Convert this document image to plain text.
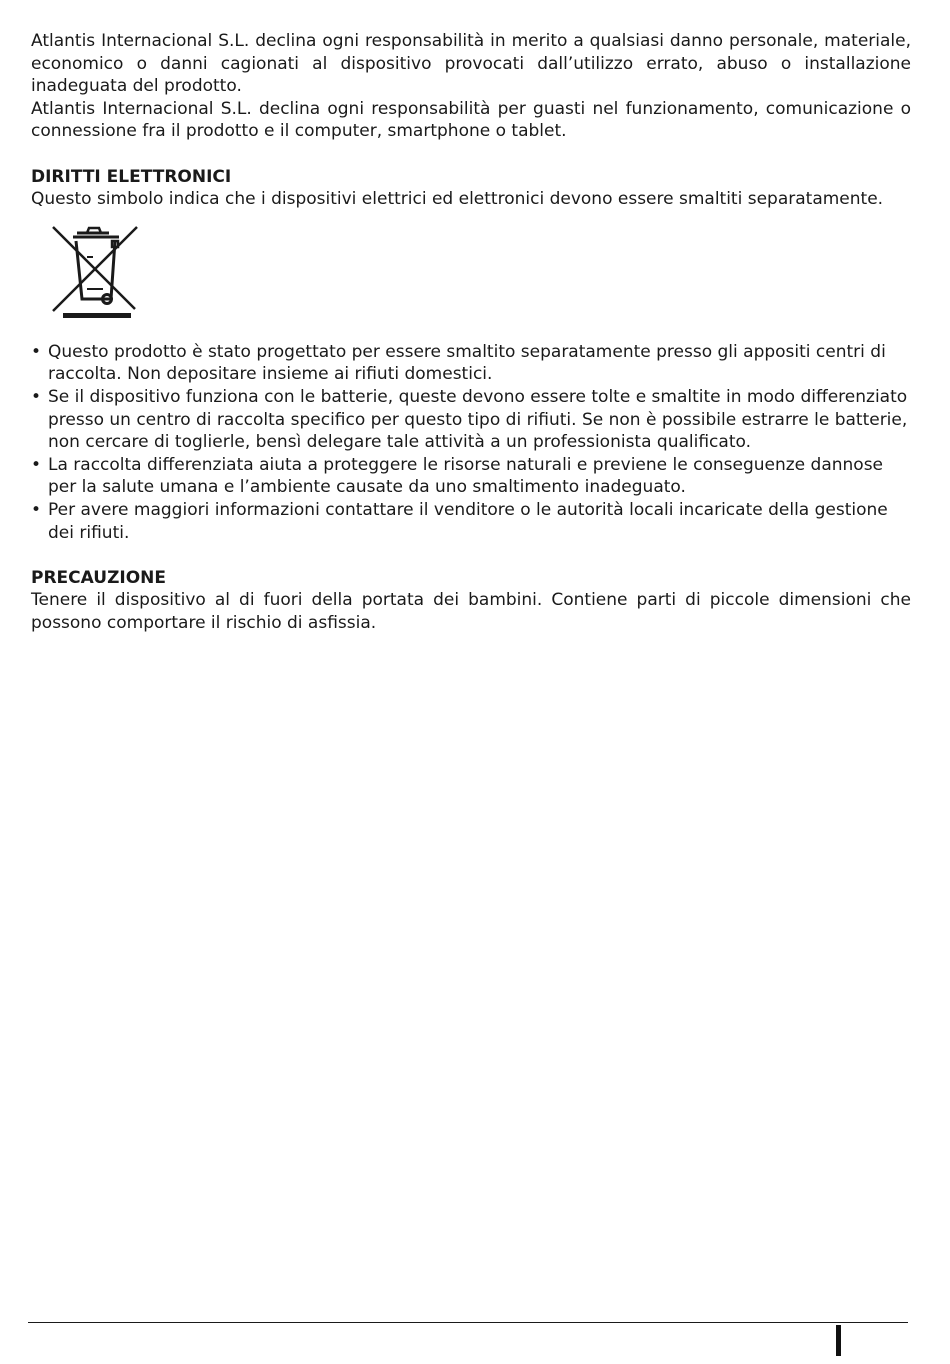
Atlantis Internacional S.L. declina ogni responsabilità in merito a qualsiasi danno personale, materiale, economico o danni cagionati al dispositivo provocati dall’utilizzo errato, abuso o installazione inadeguata del prodotto.

Atlantis Internacional S.L. declina ogni responsabilità per guasti nel funzionamento, comunicazione o connessione fra il prodotto e il computer, smartphone o tablet.

DIRITTI ELETTRONICI

Questo simbolo indica che i dispositivi elettrici ed elettronici devono essere smaltiti separatamente.

• Questo prodotto è stato progettato per essere smaltito separatamente presso gli appositi centri di raccolta. Non depositare insieme ai rifiuti domestici.
• Se il dispositivo funziona con le batterie, queste devono essere tolte e smaltite in modo differenziato presso un centro di raccolta specifico per questo tipo di rifiuti. Se non è possibile estrarre le batterie, non cercare di toglierle, bensì delegare tale attività a un professionista qualificato.
• La raccolta differenziata aiuta a proteggere le risorse naturali e previene le conseguenze dannose per la salute umana e l’ambiente causate da uno smaltimento inadeguato.
• Per avere maggiori informazioni contattare il venditore o le autorità locali incaricate della gestione dei rifiuti.
PRECAUZIONE

Tenere il dispositivo al di fuori della portata dei bambini. Contiene parti di piccole dimensioni che possono comportare il rischio di asfissia.
